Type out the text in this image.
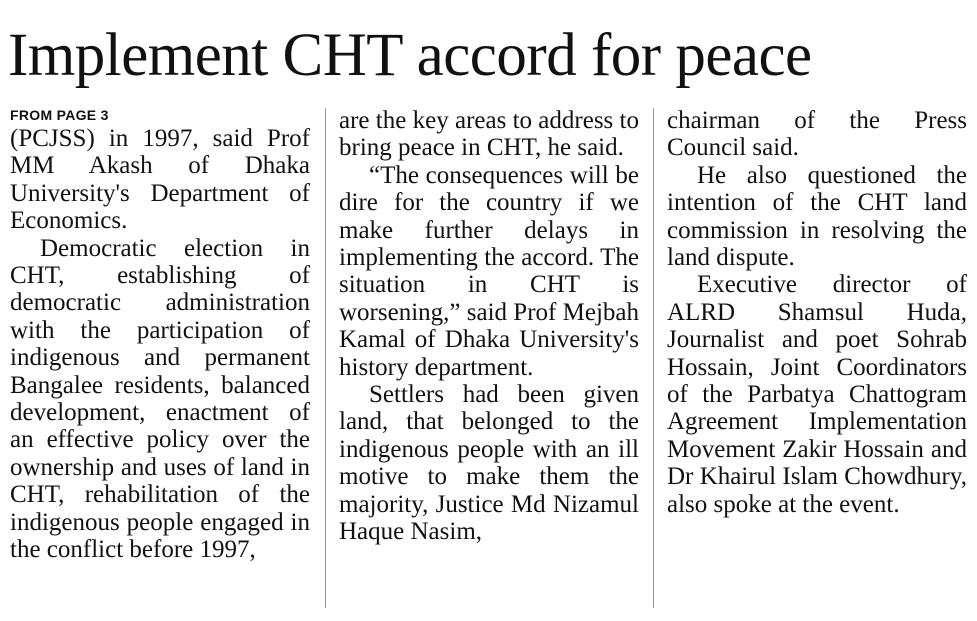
Implement CHT accord for peace
FROM PAGE 3

(PCJSS) in 1997, said Prof MM Akash of Dhaka University's Department of Economics.

Democratic election in CHT, establishing of democratic administration with the participation of indigenous and permanent Bangalee residents, balanced development, enactment of an effective policy over the ownership and uses of land in CHT, rehabilitation of the indigenous people engaged in the conflict before 1997,

are the key areas to address to bring peace in CHT, he said.

“The consequences will be dire for the country if we make further delays in implementing the accord. The situation in CHT is worsening,” said Prof Mejbah Kamal of Dhaka University's history department.

Settlers had been given land, that belonged to the indigenous people with an ill motive to make them the majority, Justice Md Nizamul Haque Nasim,

chairman of the Press Council said.

He also questioned the intention of the CHT land commission in resolving the land dispute.

Executive director of ALRD Shamsul Huda, Journalist and poet Sohrab Hossain, Joint Coordinators of the Parbatya Chattogram Agreement Implementation Movement Zakir Hossain and Dr Khairul Islam Chowdhury, also spoke at the event.
